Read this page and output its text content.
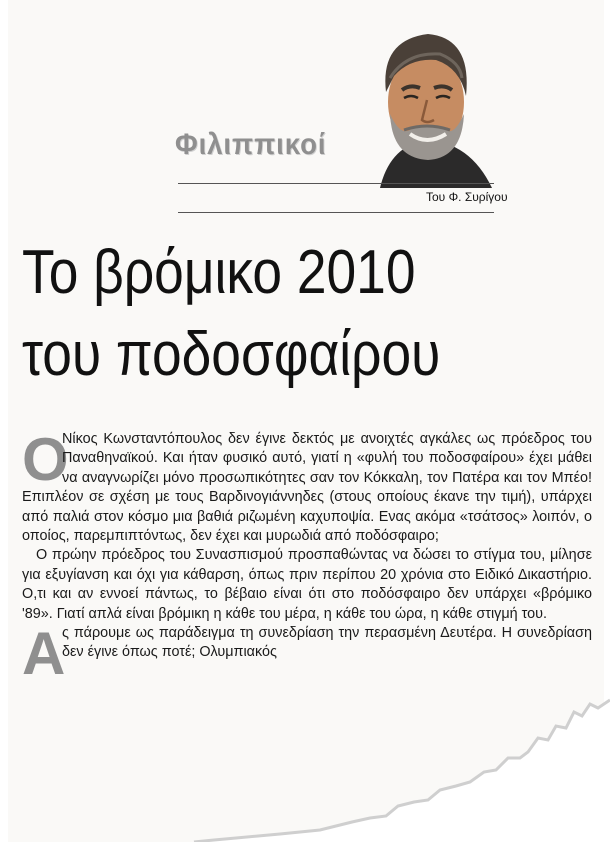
Φιλιππικοί
Του Φ. Συρίγου
Το βρόμικο 2010
του ποδοσφαίρου

Ο
Νίκος Κωνσταντόπουλος δεν έγινε δεκτός με ανοιχτές αγκάλες ως πρόεδρος του Παναθηναϊκού. Και ήταν φυσικό αυτό, γιατί η «φυλή του ποδοσφαίρου» έχει μάθει να αναγνωρίζει μόνο προσωπικότητες σαν τον Κόκκαλη, τον Πατέρα και τον Μπέο! Επιπλέον σε σχέση με τους Βαρδινογιάννηδες (στους οποίους έκανε την τιμή), υπάρχει από παλιά στον κόσμο μια βαθιά ριζωμένη καχυποψία. Ενας ακόμα «τσάτσος» λοιπόν, ο οποίος, παρεμπιπτόντως, δεν έχει και μυρωδιά από ποδόσφαιρο;

Ο πρώην πρόεδρος του Συνασπισμού προσπαθώντας να δώσει το στίγμα του, μίλησε για εξυγίανση και όχι για κάθαρση, όπως πριν περίπου 20 χρόνια στο Ειδικό Δικαστήριο. Ο,τι και αν εννοεί πάντως, το βέβαιο είναι ότι στο ποδόσφαιρο δεν υπάρχει «βρόμικο '89». Γιατί απλά είναι βρόμικη η κάθε του μέρα, η κάθε του ώρα, η κάθε στιγμή του.

Α
ς πάρουμε ως παράδειγμα τη συνεδρίαση την περασμένη Δευτέρα. Η συνεδρίαση δεν έγινε όπως ποτέ; Ολυμπιακός
